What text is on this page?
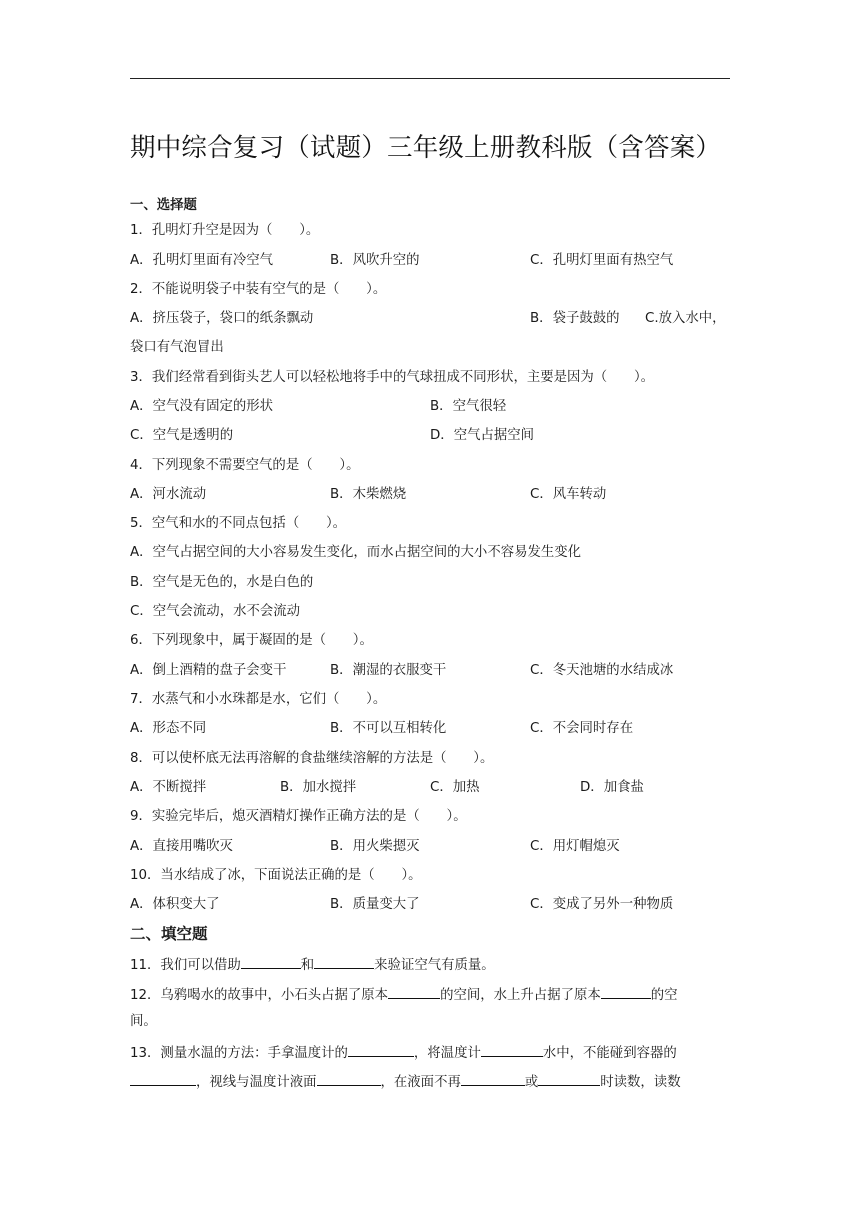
期中综合复习（试题）三年级上册教科版（含答案）
一、选择题
1．孔明灯升空是因为（　　）。
A．孔明灯里面有冷空气	B．风吹升空的	C．孔明灯里面有热空气
2．不能说明袋子中装有空气的是（　　）。
A．挤压袋子，袋口的纸条飘动	B．袋子鼓鼓的 C.放入水中，
袋口有气泡冒出
3．我们经常看到街头艺人可以轻松地将手中的气球扭成不同形状，主要是因为（　　）。
A．空气没有固定的形状	B．空气很轻
C．空气是透明的	D．空气占据空间
4．下列现象不需要空气的是（　　）。
A．河水流动	B．木柴燃烧	C．风车转动
5．空气和水的不同点包括（　　）。
A．空气占据空间的大小容易发生变化，而水占据空间的大小不容易发生变化
B．空气是无色的，水是白色的
C．空气会流动，水不会流动
6．下列现象中，属于凝固的是（　　）。
A．倒上酒精的盘子会变干	B．潮湿的衣服变干	C．冬天池塘的水结成冰
7．水蒸气和小水珠都是水，它们（　　）。
A．形态不同	B．不可以互相转化	C．不会同时存在
8．可以使杯底无法再溶解的食盐继续溶解的方法是（　　）。
A．不断搅拌	B．加水搅拌	C．加热	D．加食盐
9．实验完毕后，熄灭酒精灯操作正确方法的是（　　）。
A．直接用嘴吹灭	B．用火柴摁灭	C．用灯帽熄灭
10．当水结成了冰，下面说法正确的是（　　）。
A．体积变大了	B．质量变大了	C．变成了另外一种物质
二、填空题
11．我们可以借助	和	来验证空气有质量。
12．乌鸦喝水的故事中，小石头占据了原本	的空间，水上升占据了原本	的空
间。
13．测量水温的方法：手拿温度计的	，将温度计	水中，不能碰到容器的
，视线与温度计液面	，在液面不再	或	时读数，读数
